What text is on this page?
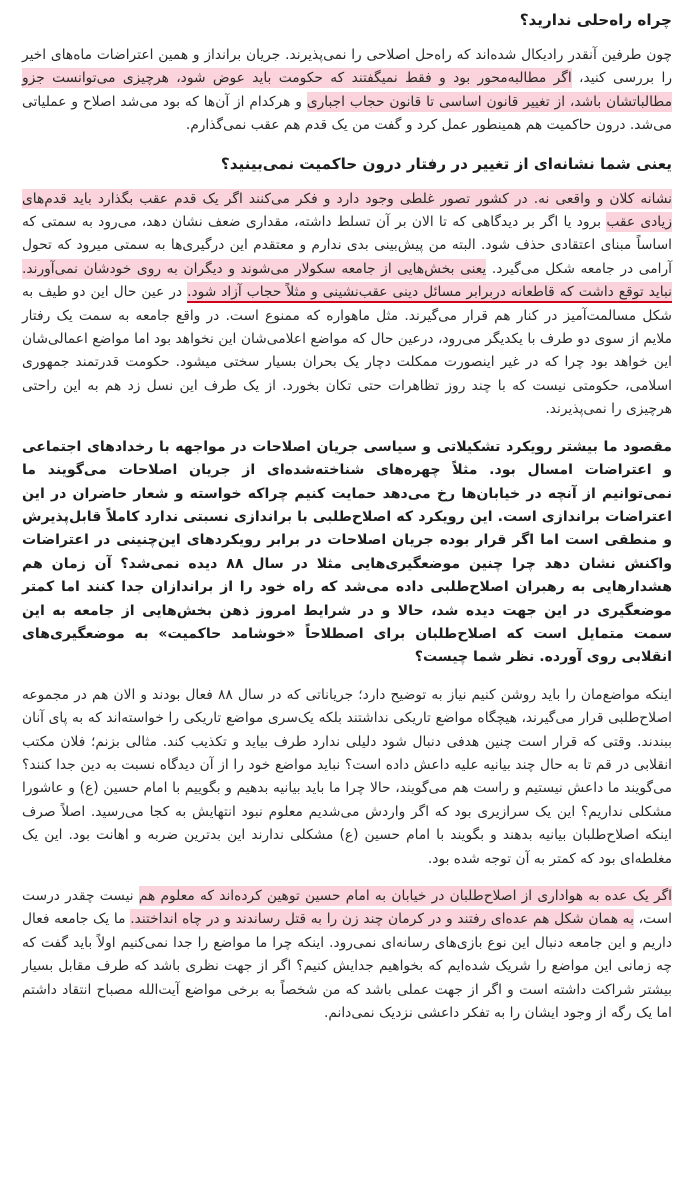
چراه راه‌حلی ندارید؟
چون طرفین آنقدر رادیکال شده‌اند که راه‌حل اصلاحی را نمی‌پذیرند. جریان برانداز و همین اعتراضات ماه‌های اخیر را بررسی کنید، اگر مطالبه‌محور بود و فقط نمیگفتند که حکومت باید عوض شود، هرچیزی می‌توانست جزو مطالباتشان باشد، از تغییر قانون اساسی تا قانون حجاب اجباری و هرکدام از آن‌ها که بود می‌شد اصلاح و عملیاتی می‌شد. درون حاکمیت هم همینطور عمل کرد و گفت من یک قدم هم عقب نمی‌گذارم.
یعنی شما نشانه‌ای از تغییر در رفتار درون حاکمیت نمی‌بینید؟
نشانه کلان و واقعی نه. در کشور تصور غلطی وجود دارد و فکر می‌کنند اگر یک قدم عقب بگذارد باید قدم‌های زیادی عقب برود یا اگر بر دیدگاهی که تا الان بر آن تسلط داشته، مقداری ضعف نشان دهد، می‌رود به سمتی که اساساً مبنای اعتقادی حذف شود. البته من پیش‌بینی بدی ندارم و معتقدم این درگیری‌ها به سمتی میرود که تحول آرامی در جامعه شکل می‌گیرد. یعنی بخش‌هایی از جامعه سکولار می‌شوند و دیگران به روی خودشان نمی‌آورند. نباید توقع داشت که قاطعانه دربرابر مسائل دینی عقب‌نشینی و مثلاً حجاب آزاد شود. در عین حال این دو طیف به شکل مسالمت‌آمیز در کنار هم قرار می‌گیرند. مثل ماهواره که ممنوع است. در واقع جامعه به سمت یک رفتار ملایم از سوی دو طرف با یکدیگر می‌رود، درعین حال که مواضع اعلامی‌شان این نخواهد بود اما مواضع اعمالی‌شان این خواهد بود چرا که در غیر اینصورت ممکلت دچار یک بحران بسیار سختی میشود. حکومت قدرتمند جمهوری اسلامی، حکومتی نیست که با چند روز تظاهرات حتی تکان بخورد. از یک طرف این نسل زد هم به این راحتی هرچیزی را نمی‌پذیرند.
مقصود ما بیشتر رویکرد تشکیلاتی و سیاسی جریان اصلاحات در مواجهه با رخدادهای اجتماعی و اعتراضات امسال بود. مثلاً چهره‌های شناخته‌شده‌ای از جریان اصلاحات می‌گویند ما نمی‌توانیم از آنچه در خیابان‌ها رخ می‌دهد حمایت کنیم چراکه خواسته و شعار حاضران در این اعتراضات براندازی است. این رویکرد که اصلاح‌طلبی با براندازی نسبتی ندارد کاملاً قابل‌پذیرش و منطقی است اما اگر قرار بوده جریان اصلاحات در برابر رویکردهای این‌چنینی در اعتراضات واکنش نشان دهد چرا چنین موضعگیری‌هایی مثلا در سال ۸۸ دیده نمی‌شد؟ آن زمان هم هشدارهایی به رهبران اصلاح‌طلبی داده می‌شد که راه خود را از براندازان جدا کنند اما کمتر موضعگیری در این جهت دیده شد، حالا و در شرایط امروز ذهن بخش‌هایی از جامعه به این سمت متمایل است که اصلاح‌طلبان برای اصطلاحاً «خوشامد حاکمیت» به موضعگیری‌های انقلابی روی آورده. نظر شما چیست؟
اینکه مواضع‌مان را باید روشن کنیم نیاز به توضیح دارد؛ جریاناتی که در سال ۸۸ فعال بودند و الان هم در مجموعه اصلاح‌طلبی قرار می‌گیرند، هیچگاه مواضع تاریکی نداشتند بلکه یک‌سری مواضع تاریکی را خواسته‌اند که به پای آنان ببندند. وقتی که قرار است چنین هدفی دنبال شود دلیلی ندارد طرف بیاید و تکذیب کند. مثالی بزنم؛ فلان مکتب انقلابی در قم تا به حال چند بیانیه علیه داعش داده است؟ نباید مواضع خود را از آن دیدگاه نسبت به دین جدا کنند؟ می‌گویند ما داعش نیستیم و راست هم می‌گویند، حالا چرا ما باید بیانیه بدهیم و بگوییم با امام حسین (ع) و عاشورا مشکلی نداریم؟ این یک سرازیری بود که اگر واردش می‌شدیم معلوم نبود انتهایش به کجا می‌رسید. اصلاً صرف اینکه اصلاح‌طلبان بیانیه بدهند و بگویند با امام حسین (ع) مشکلی ندارند این بدترین ضربه و اهانت بود. این یک مغلطه‌ای بود که کمتر به آن توجه شده بود.
اگر یک عده به هواداری از اصلاح‌طلبان در خیابان به امام حسین توهین کرده‌اند که معلوم هم نیست چقدر درست است، به همان شکل هم عده‌ای رفتند و در کرمان چند زن را به قتل رساندند و در چاه انداختند. ما یک جامعه فعال داریم و این جامعه دنبال این نوع بازی‌های رسانه‌ای نمی‌رود. اینکه چرا ما مواضع را جدا نمی‌کنیم اولاً باید گفت که چه زمانی این مواضع را شریک شده‌ایم که بخواهیم جدایش کنیم؟ اگر از جهت نظری باشد که طرف مقابل بسیار بیشتر شراکت داشته است و اگر از جهت عملی باشد که من شخصاً به برخی مواضع آیت‌الله مصباح انتقاد داشتم اما یک رگه از وجود ایشان را به تفکر داعشی نزدیک نمی‌دانم.
